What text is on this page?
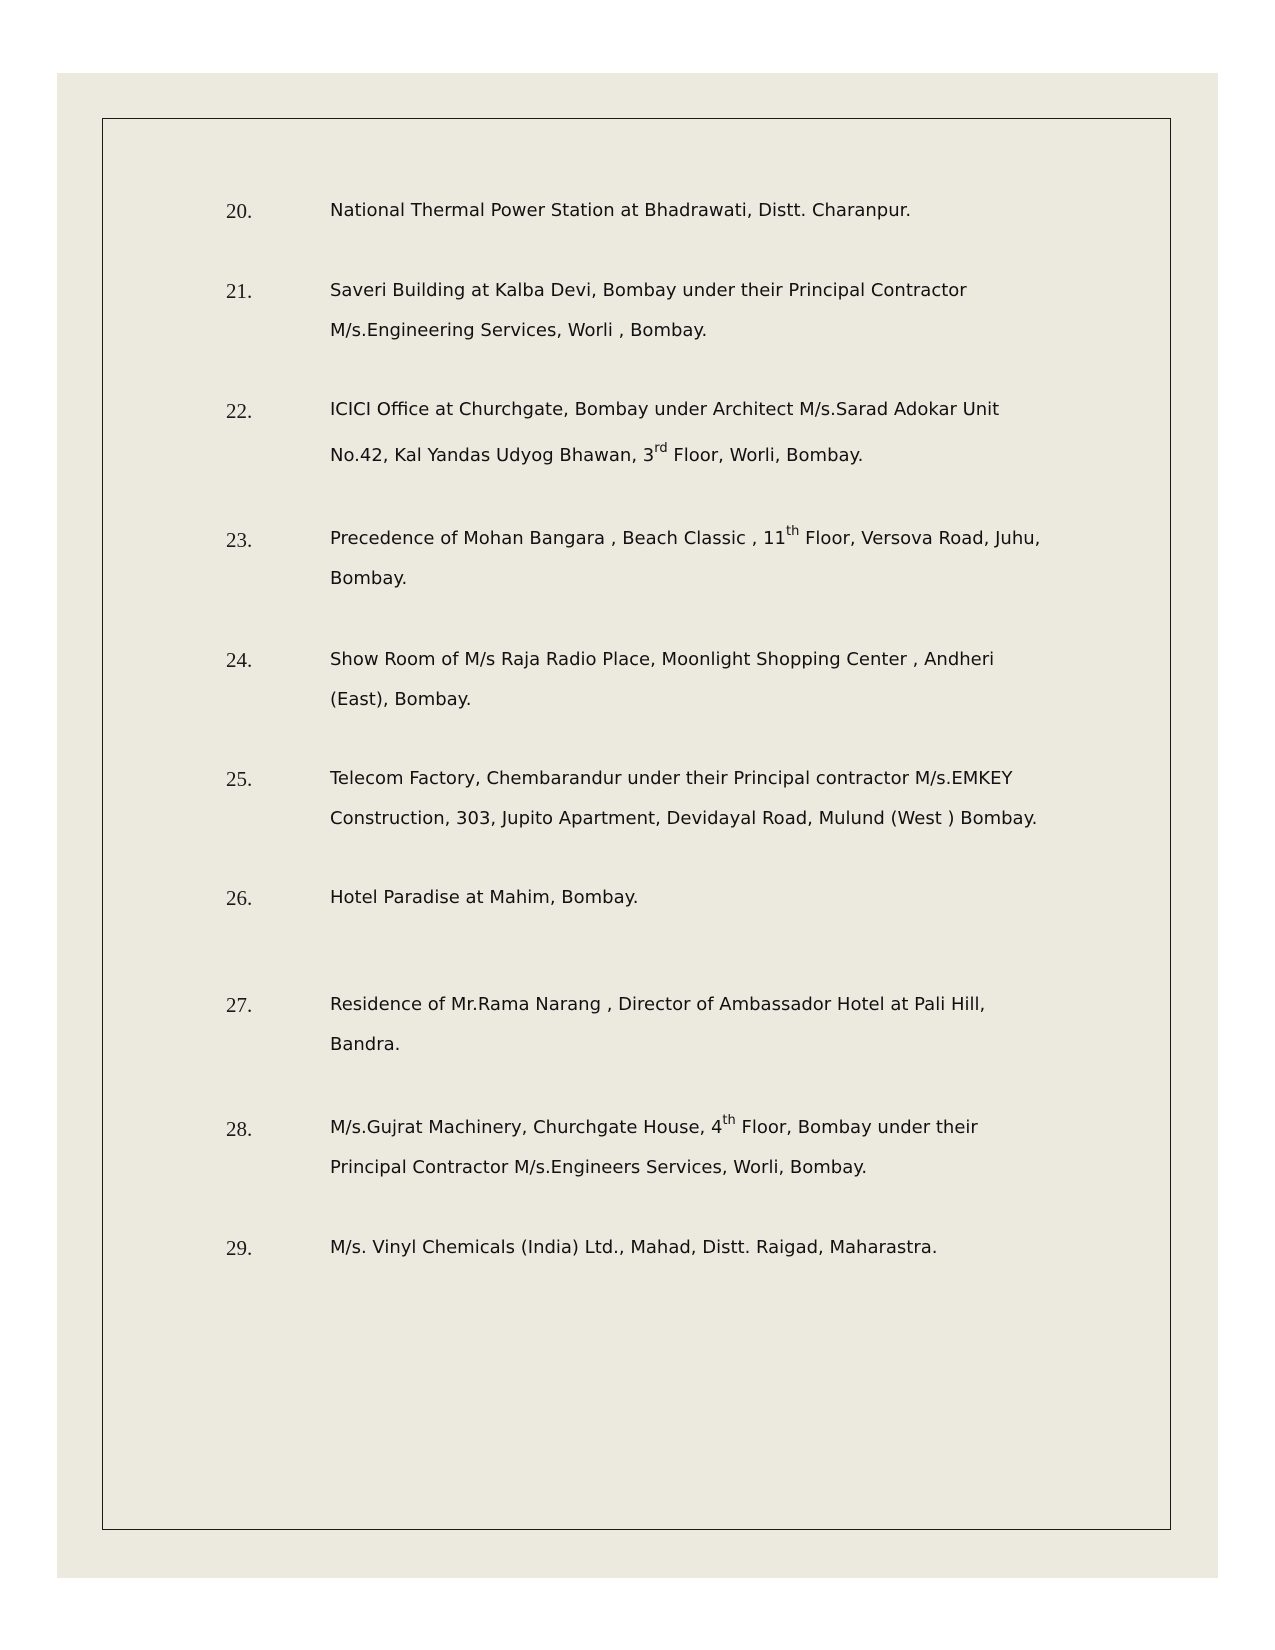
20.	National Thermal Power Station at Bhadrawati, Distt. Charanpur.
21.	Saveri Building at Kalba Devi, Bombay under their Principal Contractor
M/s.Engineering Services, Worli , Bombay.
22.	ICICI Office at Churchgate, Bombay under Architect M/s.Sarad Adokar Unit
No.42, Kal Yandas Udyog Bhawan, 3rd Floor, Worli, Bombay.
23.	Precedence of Mohan Bangara , Beach Classic , 11th Floor, Versova Road, Juhu,
Bombay.
24.	Show Room of M/s Raja Radio Place, Moonlight Shopping Center , Andheri
(East), Bombay.
25.	Telecom Factory, Chembarandur under their Principal contractor M/s.EMKEY
Construction, 303, Jupito Apartment, Devidayal Road, Mulund (West ) Bombay.
26.	Hotel Paradise at Mahim, Bombay.
27.	Residence of Mr.Rama Narang , Director of Ambassador Hotel at Pali Hill,
Bandra.
28.	M/s.Gujrat Machinery, Churchgate House, 4th Floor, Bombay under their
Principal Contractor M/s.Engineers Services, Worli, Bombay.
29.	M/s. Vinyl Chemicals (India) Ltd., Mahad, Distt. Raigad, Maharastra.
